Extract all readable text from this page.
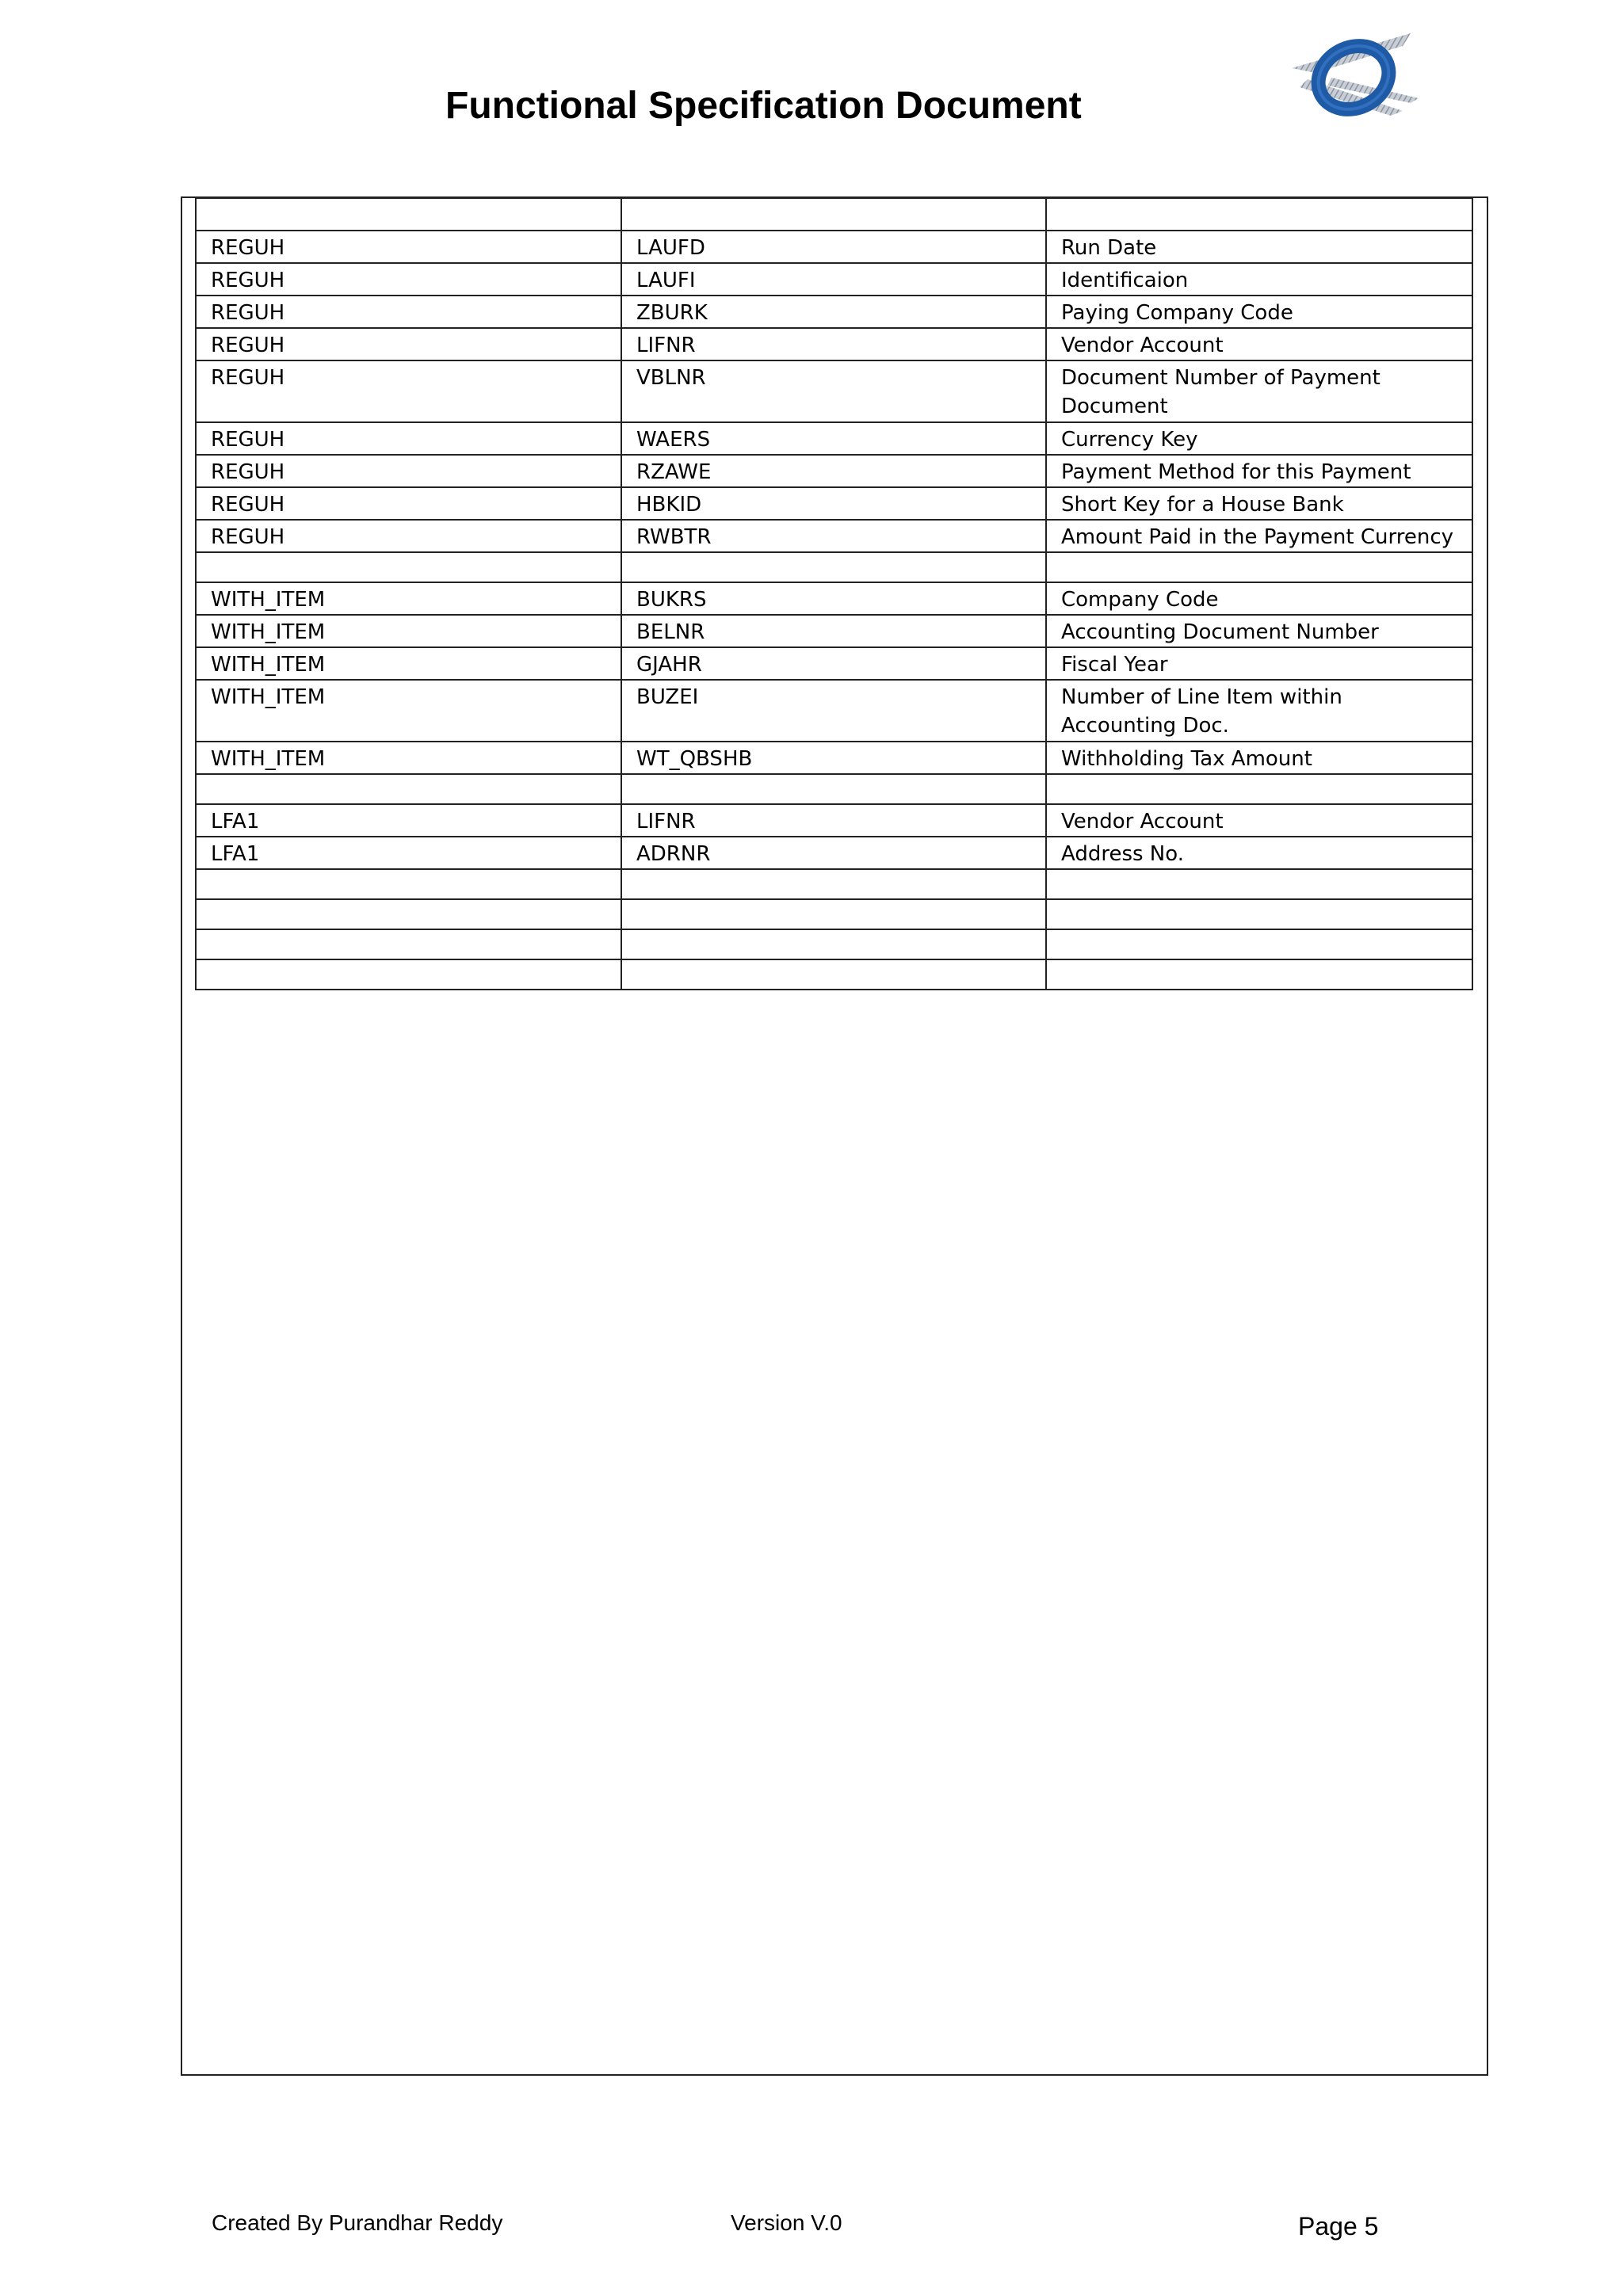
Functional Specification Document

REGUH	LAUFD	Run Date
REGUH	LAUFI	Identificaion
REGUH	ZBURK	Paying Company Code
REGUH	LIFNR	Vendor Account
REGUH	VBLNR	Document Number of Payment Document
REGUH	WAERS	Currency Key
REGUH	RZAWE	Payment Method for this Payment
REGUH	HBKID	Short Key for a House Bank
REGUH	RWBTR	Amount Paid in the Payment Currency

WITH_ITEM	BUKRS	Company Code
WITH_ITEM	BELNR	Accounting Document Number
WITH_ITEM	GJAHR	Fiscal Year
WITH_ITEM	BUZEI	Number of Line Item within Accounting Doc.
WITH_ITEM	WT_QBSHB	Withholding Tax Amount

LFA1	LIFNR	Vendor Account
LFA1	ADRNR	Address No.

Created By Purandhar Reddy	Version V.0	Page 5
